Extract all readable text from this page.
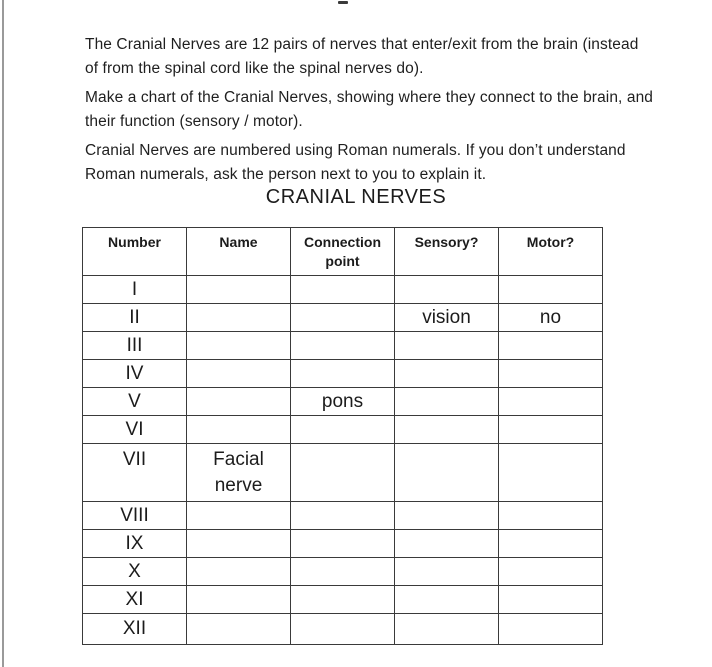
The Cranial Nerves are 12 pairs of nerves that enter/exit from the brain (instead
of from the spinal cord like the spinal nerves do).
Make a chart of the Cranial Nerves, showing where they connect to the brain, and
their function (sensory / motor).
Cranial Nerves are numbered using Roman numerals. If you don’t understand
Roman numerals, ask the person next to you to explain it.
CRANIAL NERVES
Number	Name	Connection point	Sensory?	Motor?
I				
II			vision	no
III				
IV				
V		pons		
VI				
VII	Facial nerve			
VIII				
IX				
X				
XI				
XII				
